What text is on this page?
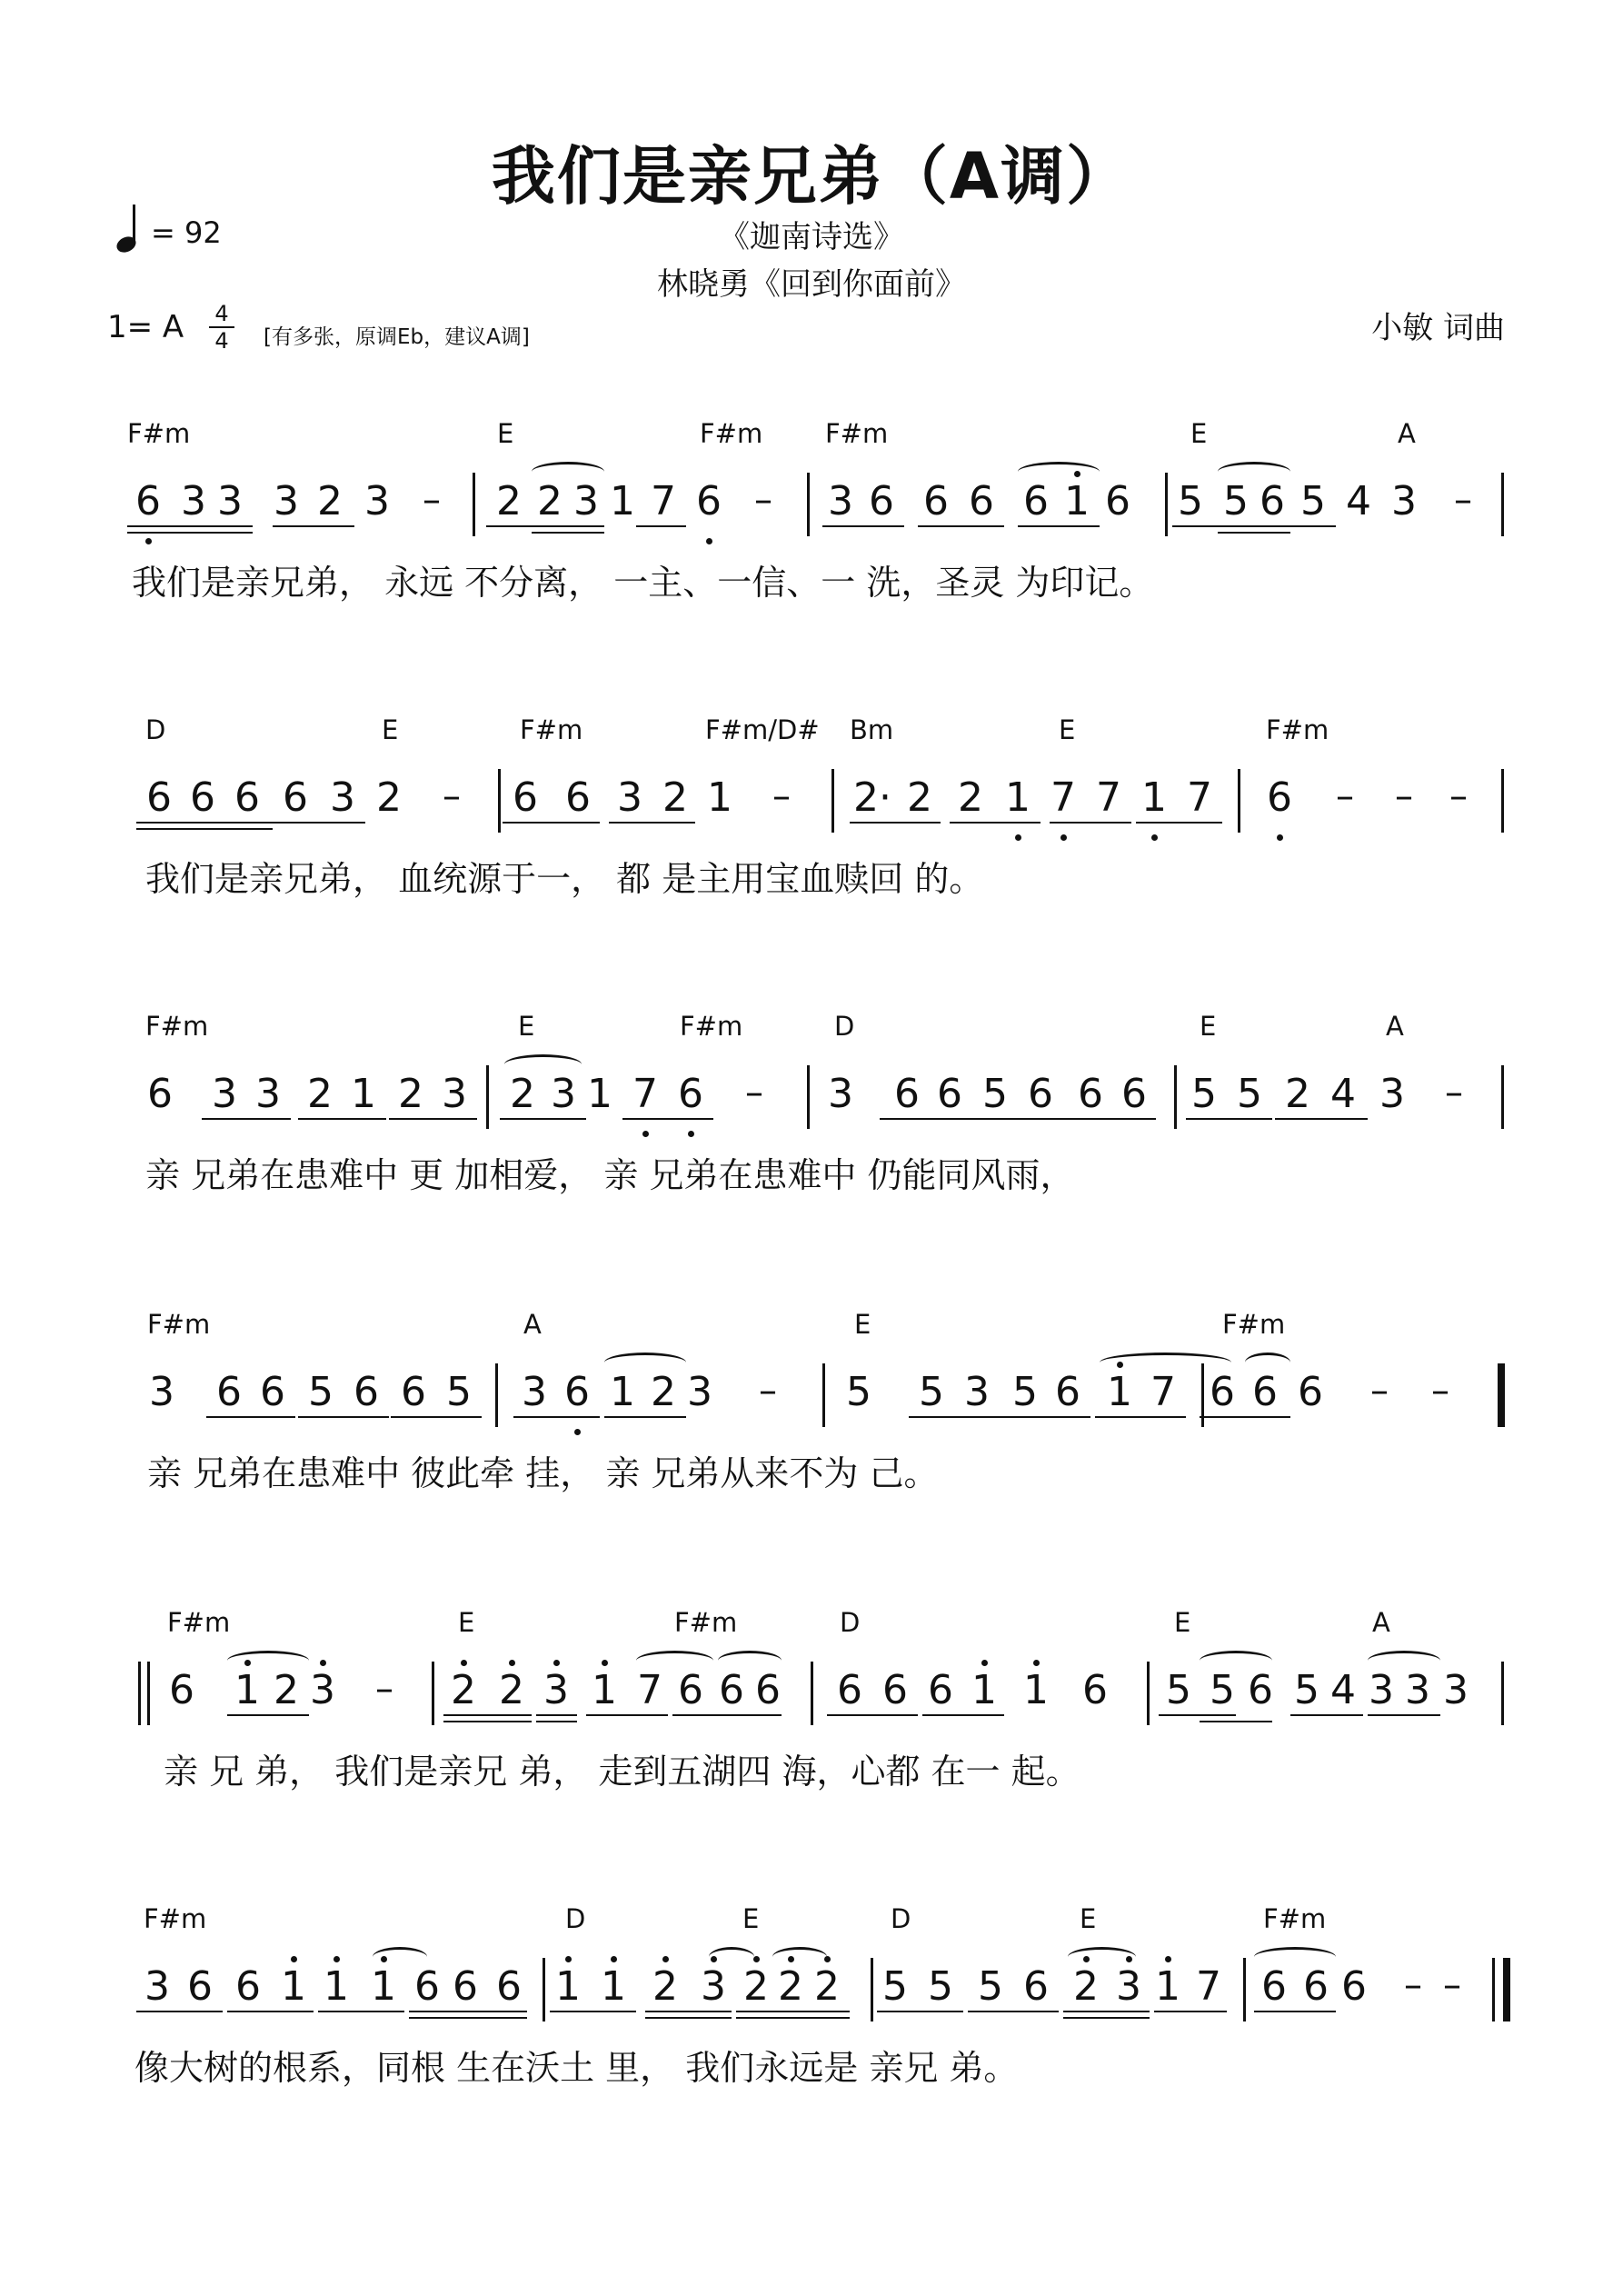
我们是亲兄弟（A调）
《迦南诗选》
林晓勇《回到你面前》
= 92
小敏 词曲
1= A 4
4 [有多张，原调Eb，建议A调]
F#m	E	F#m F#m	E	A
6 3 3 3 2 3	2 2 3 1 7 6	3 6 6 6 6 1 6 5 5 6 5 4 3
–	–	–
我们是亲兄弟， 永远 不分离， 一主、一信、一 洗，圣灵 为印记。
D	E	F#m	F#m/D# Bm	E	F#m
6 6 6 6 3 2	6 6 3 2 1	2· 2 2 1 7 7 1 7 6
–	–	– – –
我们是亲兄弟， 血统源于一， 都 是主用宝血赎回 的。
F#m	E	F#m	D	E	A
6 3 3 2 1 2 3 2 3 1 7 6	3 6 6 5 6 6 6 5 5 2 4 3
–	–
亲 兄弟在患难中 更 加相爱， 亲 兄弟在患难中 仍能同风雨，
F#m	A	E	F#m
3 6 6 5 6 6 5 3 6 1 2 3	5 5 3 5 6 1 7 6 6 6
–	– –
亲 兄弟在患难中 彼此牵 挂， 亲 兄弟从来不为 己。
F#m	E	F#m	D	E	A
6 1 2 3	2 2 3 1 7 6 6 6 6 6 6 1 1 6 5 5 6 5 4 3 3 3
–
亲 兄 弟， 我们是亲兄 弟， 走到五湖四 海，心都 在一 起。
F#m	D	E	D	E	F#m
3 6 6 1 1 1 6 6 6 1 1 2 3 2 2 2 5 5 5 6 2 3 1 7 6 6 6 – –
像大树的根系，同根 生在沃土 里， 我们永远是 亲兄 弟。
